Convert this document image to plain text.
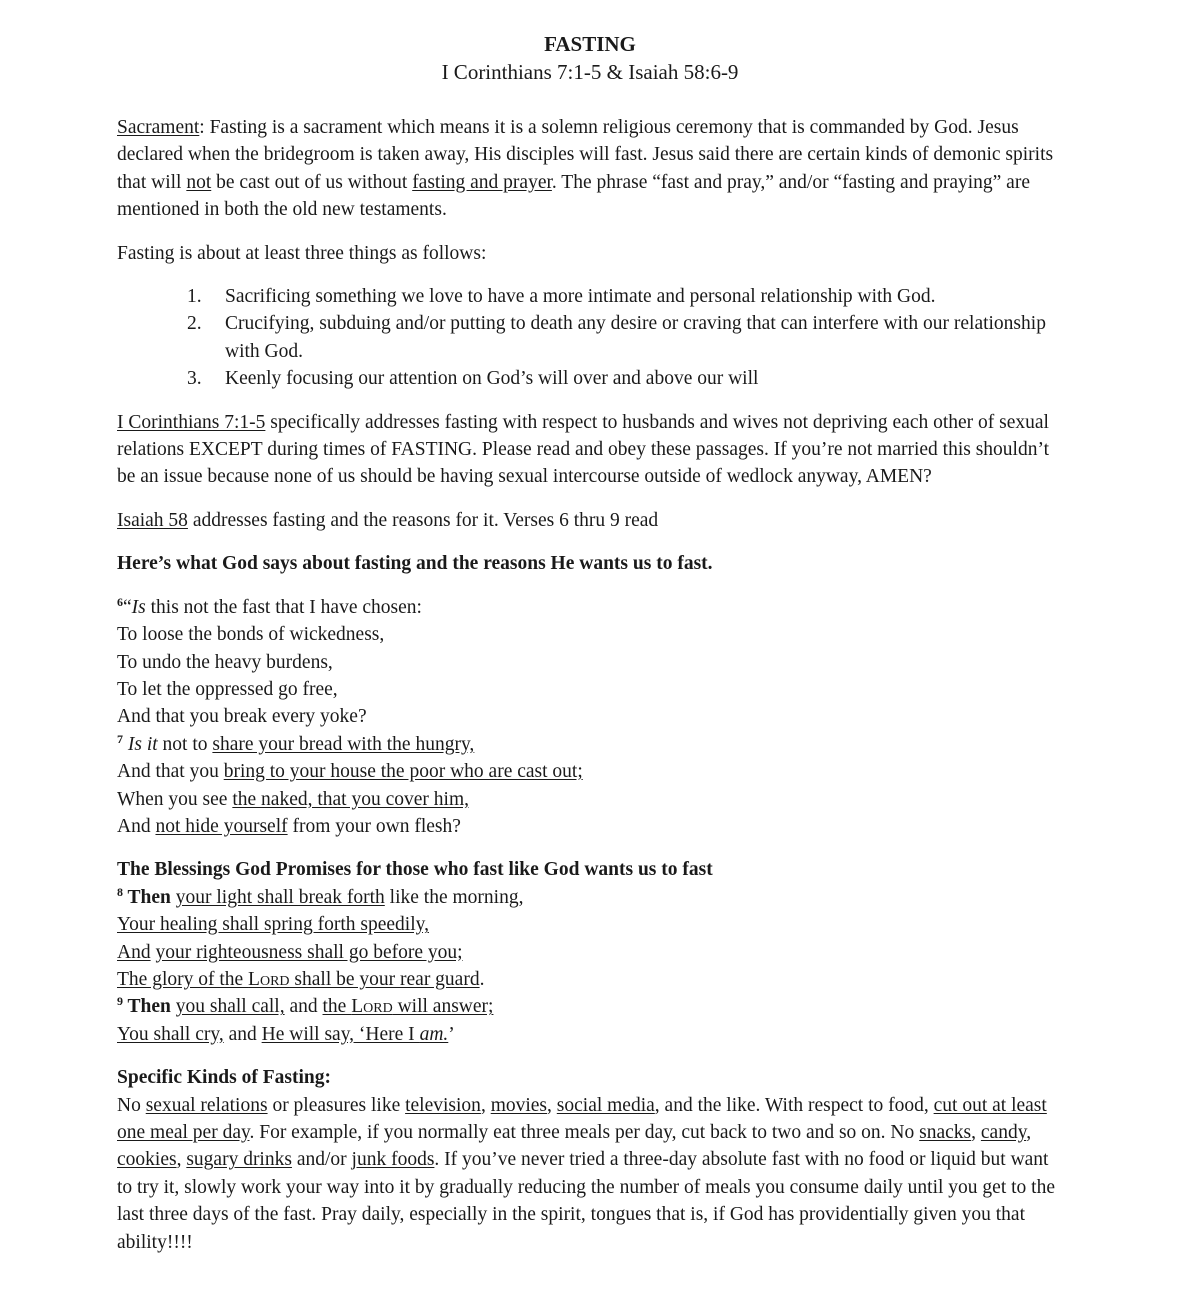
FASTING
I Corinthians 7:1-5 & Isaiah 58:6-9

Sacrament: Fasting is a sacrament which means it is a solemn religious ceremony that is commanded by God. Jesus declared when the bridegroom is taken away, His disciples will fast. Jesus said there are certain kinds of demonic spirits that will not be cast out of us without fasting and prayer. The phrase “fast and pray,” and/or “fasting and praying” are mentioned in both the old new testaments.

Fasting is about at least three things as follows:

1. Sacrificing something we love to have a more intimate and personal relationship with God.
2. Crucifying, subduing and/or putting to death any desire or craving that can interfere with our relationship with God.
3. Keenly focusing our attention on God’s will over and above our will

I Corinthians 7:1-5 specifically addresses fasting with respect to husbands and wives not depriving each other of sexual relations EXCEPT during times of FASTING. Please read and obey these passages. If you’re not married this shouldn’t be an issue because none of us should be having sexual intercourse outside of wedlock anyway, AMEN?

Isaiah 58 addresses fasting and the reasons for it. Verses 6 thru 9 read

Here’s what God says about fasting and the reasons He wants us to fast.

$^6$“Is this not the fast that I have chosen:
To loose the bonds of wickedness,
To undo the heavy burdens,
To let the oppressed go free,
And that you break every yoke?
$^7$ Is it not to share your bread with the hungry,
And that you bring to your house the poor who are cast out;
When you see the naked, that you cover him,
And not hide yourself from your own flesh?

The Blessings God Promises for those who fast like God wants us to fast

$^8$ Then your light shall break forth like the morning,
Your healing shall spring forth speedily,
And your righteousness shall go before you;
The glory of the Lord shall be your rear guard.
$^9$ Then you shall call, and the Lord will answer;
You shall cry, and He will say, ‘Here I am.’

Specific Kinds of Fasting:

No sexual relations or pleasures like television, movies, social media, and the like. With respect to food, cut out at least one meal per day. For example, if you normally eat three meals per day, cut back to two and so on. No snacks, candy, cookies, sugary drinks and/or junk foods. If you’ve never tried a three-day absolute fast with no food or liquid but want to try it, slowly work your way into it by gradually reducing the number of meals you consume daily until you get to the last three days of the fast. Pray daily, especially in the spirit, tongues that is, if God has providentially given you that ability!!!!
